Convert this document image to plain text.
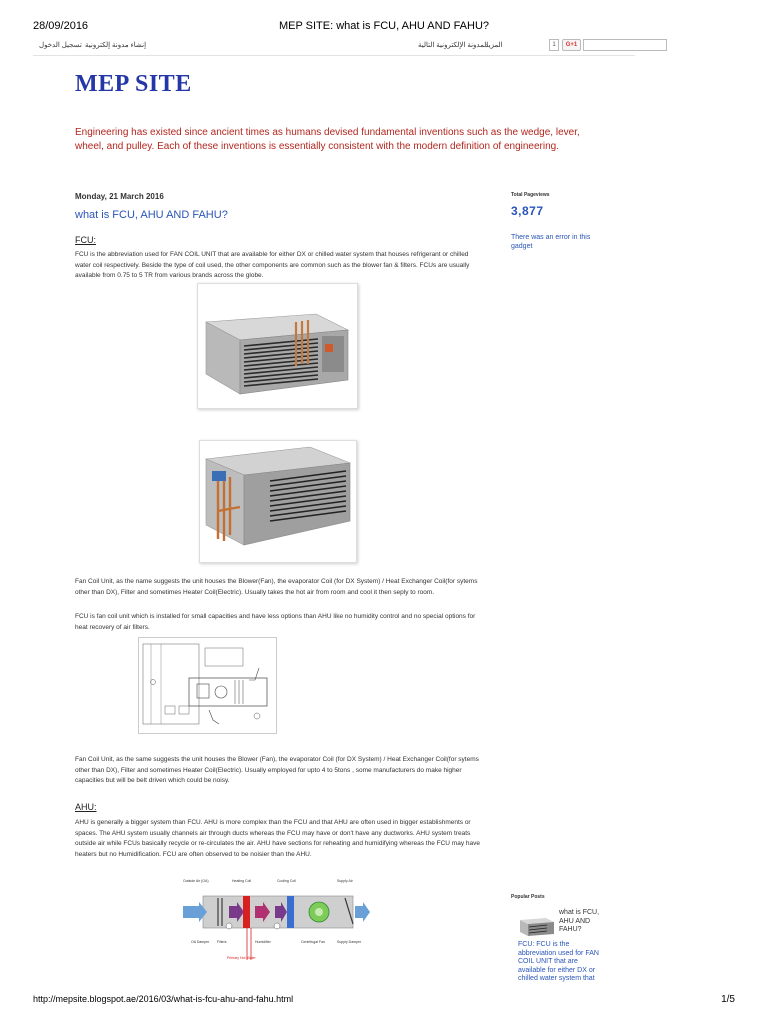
28/09/2016	MEP SITE: what is FCU, AHU AND FAHU?
تسجيل الدخول إنشاء مدونة إلكترونية	المدونة الإلكترونية التالية
المزيد	1	G+1
MEP SITE
Engineering has existed since ancient times as humans devised fundamental inventions such as the wedge, lever, wheel, and pulley. Each of these inventions is essentially consistent with the modern definition of engineering.
Monday, 21 March 2016
what is FCU, AHU AND FAHU?
FCU:
FCU is the abbreviation used for FAN COIL UNIT that are available for either DX or chilled water system that houses refrigerant or chilled water coil respectively. Beside the type of coil used, the other components are common such as the blower fan & filters. FCUs are usually available from 0.75 to 5 TR from various brands across the globe.
Fan Coil Unit, as the name suggests the unit houses the Blower(Fan), the evaporator Coil (for DX System) / Heat Exchanger Coil(for sytems other than DX), Filter and sometimes Heater Coil(Electric). Usually takes the hot air from room and cool it then seply to room.
FCU is fan coil unit which is installed for small capacities and have less options than AHU like no humidity control and no special options for heat recovery of air filters.
Fan Coil Unit, as the same suggests the unit houses the Blower (Fan), the evaporator Coil (for DX System) / Heat Exchanger Coil(for sytems other than DX), Filter and sometimes Heater Coil(Electric). Usually employed for upto 4 to 5tons , some manufacturers do make higher capacities but will be belt driven which could be noisy.
AHU:
AHU is generally a bigger system than FCU. AHU is more complex than the FCU and that AHU are often used in bigger establishments or spaces. The AHU system usually channels air through ducts whereas the FCU may have or don't have any ductworks. AHU system treats outside air while FCUs basically recycle or re-circulates the air. AHU have sections for reheating and humidifying whereas the FCU may have heaters but no Humidification. FCU are often observed to be noisier than the AHU.
Outside Air (OA)	Heating Coil	Cooling Coil	Supply Air
OA Damper Filters	Humidifier	Centrifugal Fan	Supply Damper
Primary Hot Water
Total Pageviews
3,877
There was an error in this gadget
Popular Posts
what is FCU, AHU AND FAHU?
FCU: FCU is the abbreviation used for FAN COIL UNIT that are available for either DX or chilled water system that
http://mepsite.blogspot.ae/2016/03/what-is-fcu-ahu-and-fahu.html	1/5
